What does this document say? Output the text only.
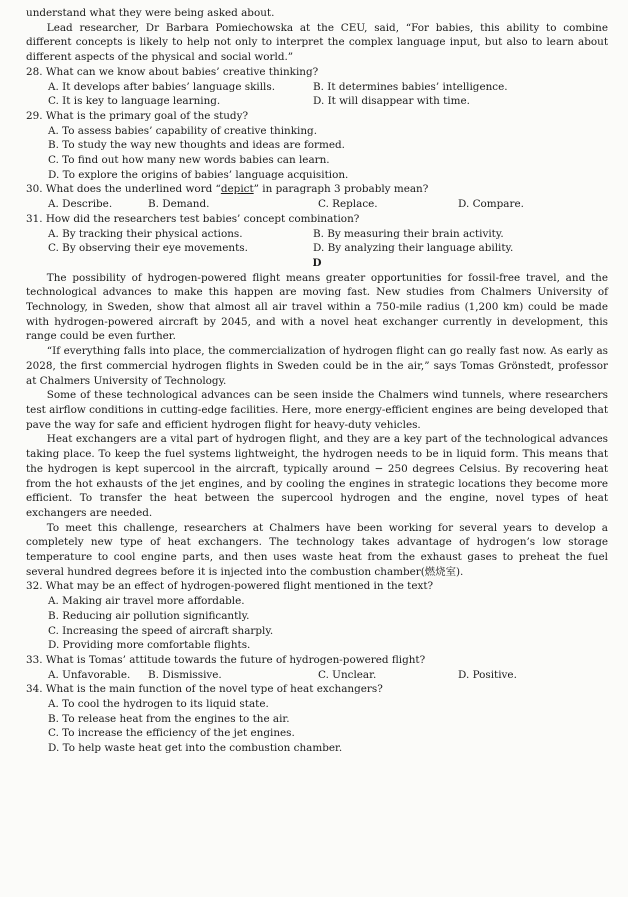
understand what they were being asked about.

Lead researcher, Dr Barbara Pomiechowska at the CEU, said, “For babies, this ability to combine different concepts is likely to help not only to interpret the complex language input, but also to learn about different aspects of the physical and social world.”

28. What can we know about babies’ creative thinking?

A. It develops after babies’ language skills.	B. It determines babies’ intelligence.
C. It is key to language learning.	D. It will disappear with time.

29. What is the primary goal of the study?

A. To assess babies’ capability of creative thinking.
B. To study the way new thoughts and ideas are formed.
C. To find out how many new words babies can learn.
D. To explore the origins of babies’ language acquisition.

30. What does the underlined word “depict” in paragraph 3 probably mean?

A. Describe.	B. Demand.	C. Replace.	D. Compare.

31. How did the researchers test babies’ concept combination?

A. By tracking their physical actions.	B. By measuring their brain activity.
C. By observing their eye movements.	D. By analyzing their language ability.

D

The possibility of hydrogen-powered flight means greater opportunities for fossil-free travel, and the technological advances to make this happen are moving fast. New studies from Chalmers University of Technology, in Sweden, show that almost all air travel within a 750-mile radius (1,200 km) could be made with hydrogen-powered aircraft by 2045, and with a novel heat exchanger currently in development, this range could be even further.

“If everything falls into place, the commercialization of hydrogen flight can go really fast now. As early as 2028, the first commercial hydrogen flights in Sweden could be in the air,” says Tomas Grönstedt, professor at Chalmers University of Technology.

Some of these technological advances can be seen inside the Chalmers wind tunnels, where researchers test airflow conditions in cutting-edge facilities. Here, more energy-efficient engines are being developed that pave the way for safe and efficient hydrogen flight for heavy-duty vehicles.

Heat exchangers are a vital part of hydrogen flight, and they are a key part of the technological advances taking place. To keep the fuel systems lightweight, the hydrogen needs to be in liquid form. This means that the hydrogen is kept supercool in the aircraft, typically around − 250 degrees Celsius. By recovering heat from the hot exhausts of the jet engines, and by cooling the engines in strategic locations they become more efficient. To transfer the heat between the supercool hydrogen and the engine, novel types of heat exchangers are needed.

To meet this challenge, researchers at Chalmers have been working for several years to develop a completely new type of heat exchangers. The technology takes advantage of hydrogen’s low storage temperature to cool engine parts, and then uses waste heat from the exhaust gases to preheat the fuel several hundred degrees before it is injected into the combustion chamber(燃烧室).

32. What may be an effect of hydrogen-powered flight mentioned in the text?

A. Making air travel more affordable.
B. Reducing air pollution significantly.
C. Increasing the speed of aircraft sharply.
D. Providing more comfortable flights.

33. What is Tomas’ attitude towards the future of hydrogen-powered flight?

A. Unfavorable.	B. Dismissive.	C. Unclear.	D. Positive.

34. What is the main function of the novel type of heat exchangers?

A. To cool the hydrogen to its liquid state.
B. To release heat from the engines to the air.
C. To increase the efficiency of the jet engines.
D. To help waste heat get into the combustion chamber.
